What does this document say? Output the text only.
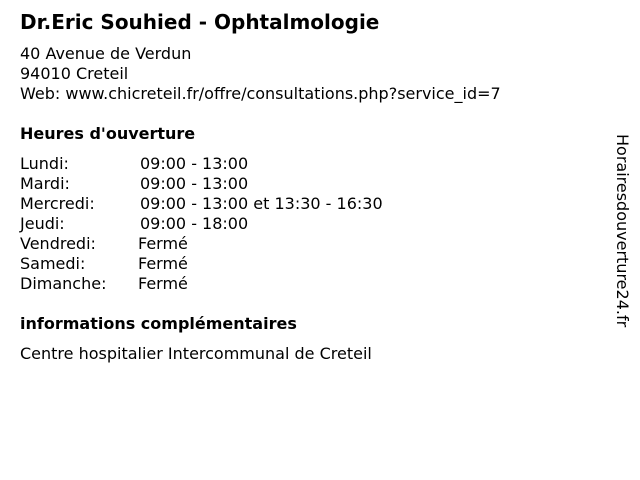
Dr.Eric Souhied - Ophtalmologie
40 Avenue de Verdun
94010 Creteil
Web: www.chicreteil.fr/offre/consultations.php?service_id=7
Heures d'ouverture
Lundi:	09:00 - 13:00
Mardi:	09:00 - 13:00
Mercredi:	09:00 - 13:00 et 13:30 - 16:30
Jeudi:	09:00 - 18:00
Vendredi:	Fermé
Samedi:	Fermé
Dimanche: Fermé
informations complémentaires
Centre hospitalier Intercommunal de Creteil
Horairesdouverture24.fr
